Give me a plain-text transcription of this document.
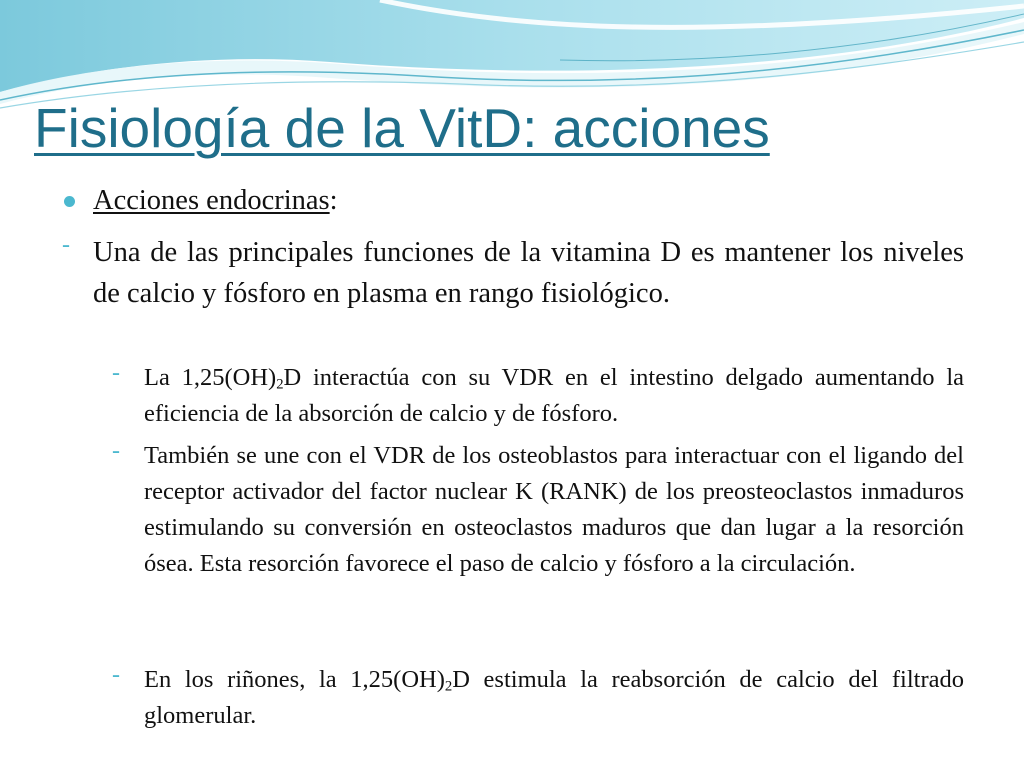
Fisiología de la VitD: acciones
Acciones endocrinas:
- Una de las principales funciones de la vitamina D es mantener los niveles de calcio y fósforo en plasma en rango fisiológico.
- La $1,25(OH)_2D$ interactúa con su VDR en el intestino delgado aumentando la eficiencia de la absorción de calcio y de fósforo.
- También se une con el VDR de los osteoblastos para interactuar con el ligando del receptor activador del factor nuclear K (RANK) de los preosteoclastos inmaduros estimulando su conversión en osteoclastos maduros que dan lugar a la resorción ósea. Esta resorción favorece el paso de calcio y fósforo a la circulación.
- En los riñones, la $1,25(OH)_2D$ estimula la reabsorción de calcio del filtrado glomerular.
